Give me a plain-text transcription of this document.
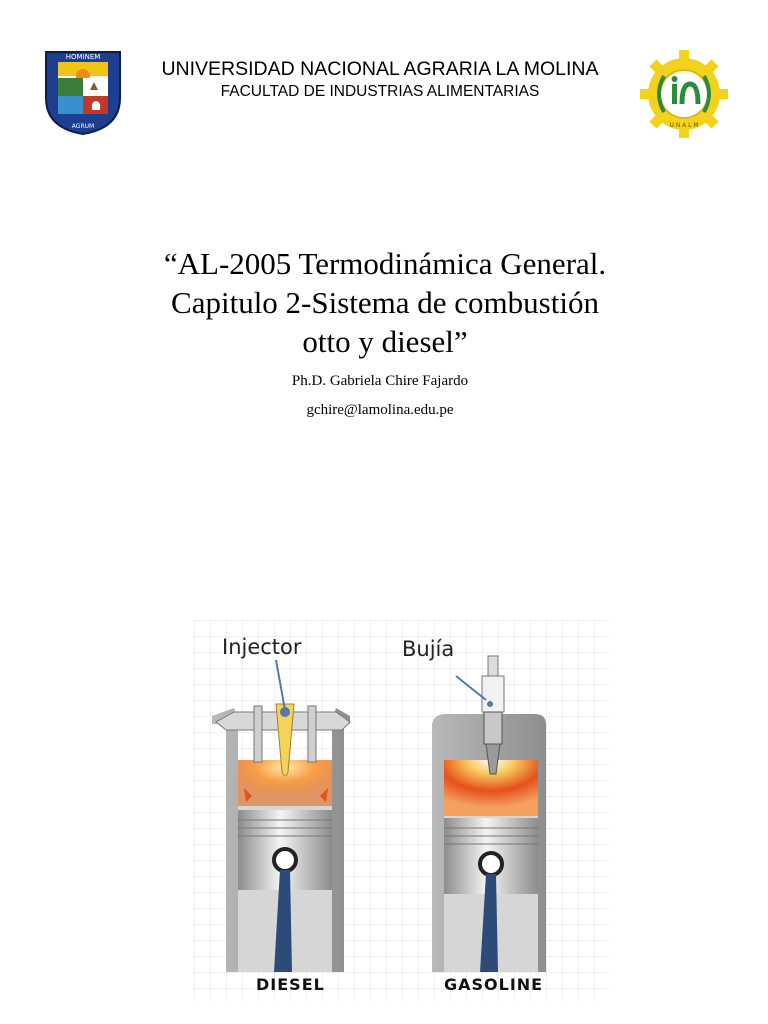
HOMINEM
AGRUM
UNIVERSIDAD NACIONAL AGRARIA LA MOLINA
FACULTAD DE INDUSTRIAS ALIMENTARIAS
U N A L M
“AL-2005 Termodinámica General.
Capitulo 2-Sistema de combustión
otto y diesel”
Ph.D. Gabriela Chire Fajardo
gchire@lamolina.edu.pe
Injector	Bujía
DIESEL	GASOLINE
